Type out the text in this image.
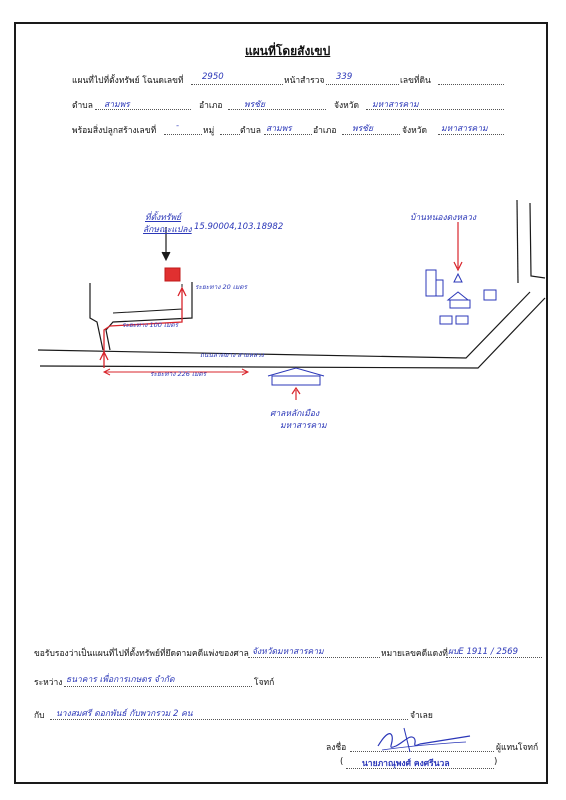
แผนที่โดยสังเขป
แผนที่ไปที่ตั้งทรัพย์ โฉนดเลขที่ 2950	หน้าสำรวจ 339	เลขที่ดิน
ตำบล สามพร	อำเภอ	พรชัย	จังหวัด มหาสารคาม
พร้อมสิ่งปลูกสร้างเลขที่ -	หมู่	ตำบล สามพร	อำเภอ พรชัย	จังหวัด มหาสารคาม
ที่ตั้งทรัพย์
ลักษณะแปลง 15.90004,103.18982
ระยะทาง 20 เมตร
ระยะทาง 100 เมตร
ระยะทาง 226 เมตร
ถนนลาดยาง สายหลวง
บ้านหนองดงหลวง
ศาลหลักเมือง
มหาสารคาม
ขอรับรองว่าเป็นแผนที่ไปที่ตั้งทรัพย์ที่ยึดตามคดีแพ่งของศาล จังหวัดมหาสารคาม	หมายเลขคดีแดงที่ ผบE 1911 / 2569
ระหว่าง ธนาคาร เพื่อการเกษตร จำกัด	โจทก์
กับ นางสมศรี ดอกพันธ์ กับพวกรวม 2 คน	จำเลย
ลงชื่อ	ผู้แทนโจทก์
( นายภาณุพงศ์ คงศรีนวล	)
